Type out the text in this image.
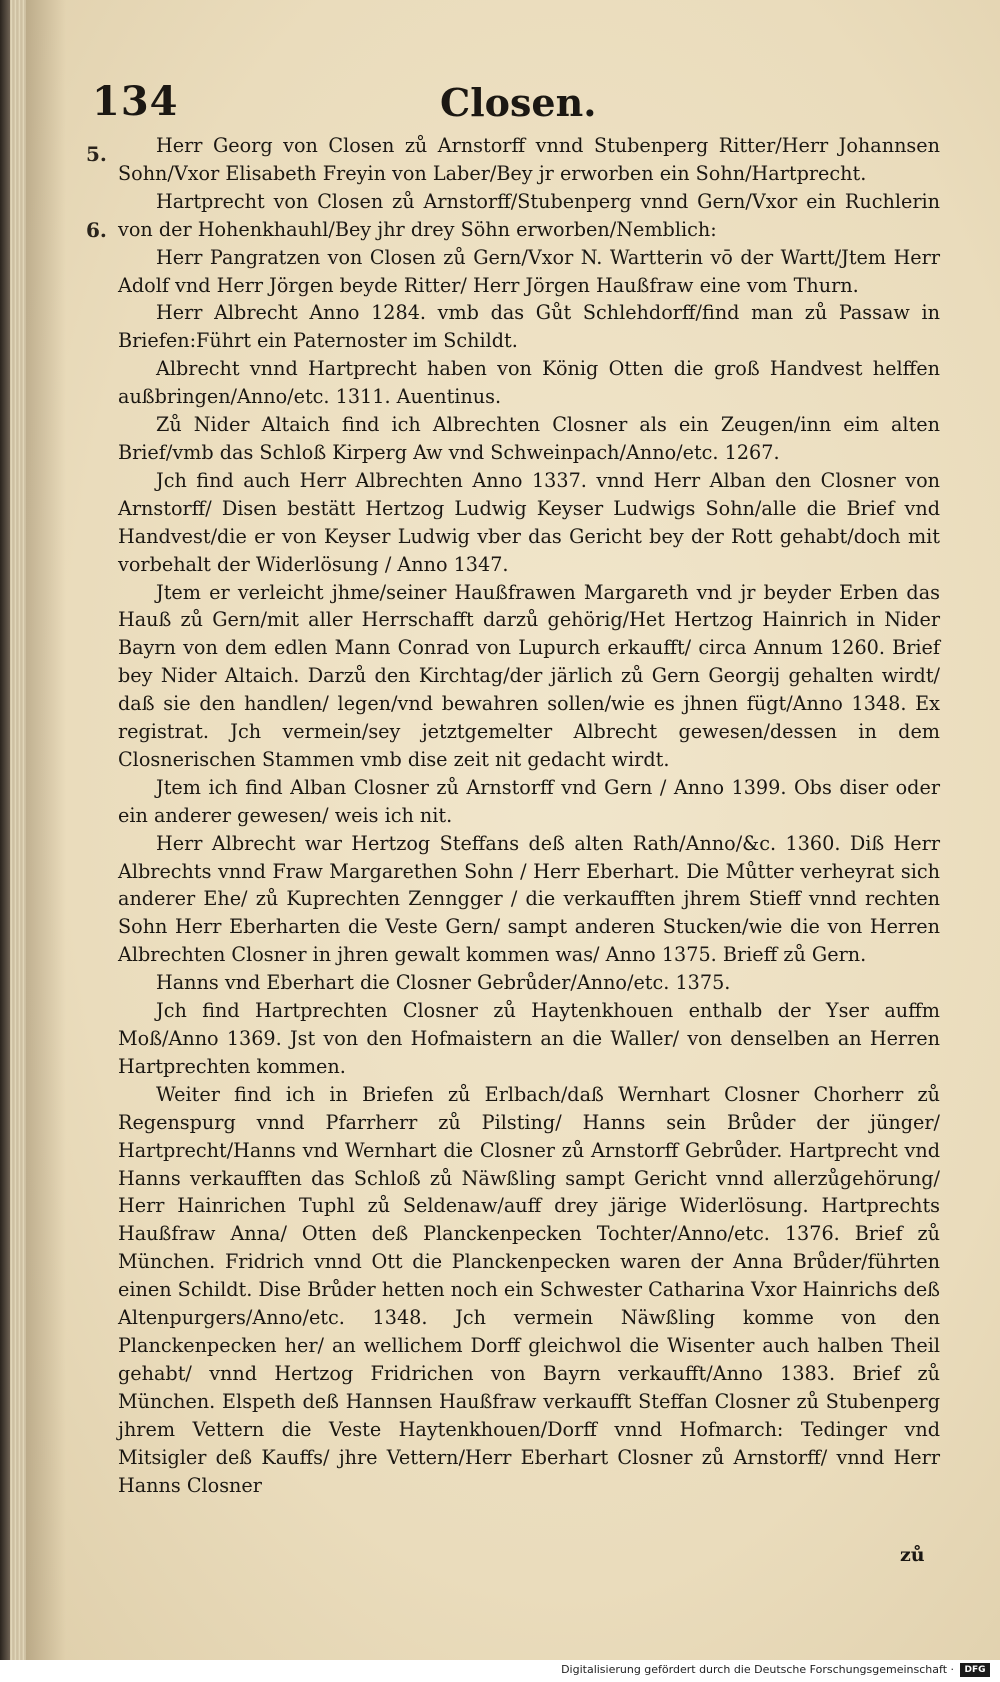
134	Closen.
5.
6.

Herr Georg von Closen zů Arnstorff vnnd Stubenperg Ritter/Herr Johannsen Sohn/Vxor Elisabeth Freyin von Laber/Bey jr erworben ein Sohn/Hartprecht.

Hartprecht von Closen zů Arnstorff/Stubenperg vnnd Gern/Vxor ein Ruchlerin von der Hohenkhauhl/Bey jhr drey Söhn erworben/Nemblich:

Herr Pangratzen von Closen zů Gern/Vxor N. Wartterin vō der Wartt/Jtem Herr Adolf vnd Herr Jörgen beyde Ritter/ Herr Jörgen Haußfraw eine vom Thurn.

Herr Albrecht Anno 1284. vmb das Gůt Schlehdorff/find man zů Passaw in Briefen:Führt ein Paternoster im Schildt.

Albrecht vnnd Hartprecht haben von König Otten die groß Handvest helffen außbringen/Anno/etc. 1311. Auentinus.

Zů Nider Altaich find ich Albrechten Closner als ein Zeugen/inn eim alten Brief/vmb das Schloß Kirperg Aw vnd Schweinpach/Anno/etc. 1267.

Jch find auch Herr Albrechten Anno 1337. vnnd Herr Alban den Closner von Arnstorff/ Disen bestätt Hertzog Ludwig Keyser Ludwigs Sohn/alle die Brief vnd Handvest/die er von Keyser Ludwig vber das Gericht bey der Rott gehabt/doch mit vorbehalt der Widerlösung / Anno 1347.

Jtem er verleicht jhme/seiner Haußfrawen Margareth vnd jr beyder Erben das Hauß zů Gern/mit aller Herrschafft darzů gehörig/Het Hertzog Hainrich in Nider Bayrn von dem edlen Mann Conrad von Lupurch erkaufft/ circa Annum 1260. Brief bey Nider Altaich. Darzů den Kirchtag/der järlich zů Gern Georgij gehalten wirdt/ daß sie den handlen/ legen/vnd bewahren sollen/wie es jhnen fügt/Anno 1348. Ex registrat. Jch vermein/sey jetztgemelter Albrecht gewesen/dessen in dem Closnerischen Stammen vmb dise zeit nit gedacht wirdt.

Jtem ich find Alban Closner zů Arnstorff vnd Gern / Anno 1399. Obs diser oder ein anderer gewesen/ weis ich nit.

Herr Albrecht war Hertzog Steffans deß alten Rath/Anno/&c. 1360. Diß Herr Albrechts vnnd Fraw Margarethen Sohn / Herr Eberhart. Die Můtter verheyrat sich anderer Ehe/ zů Kuprechten Zenngger / die verkaufften jhrem Stieff vnnd rechten Sohn Herr Eberharten die Veste Gern/ sampt anderen Stucken/wie die von Herren Albrechten Closner in jhren gewalt kommen was/ Anno 1375. Brieff zů Gern.

Hanns vnd Eberhart die Closner Gebrůder/Anno/etc. 1375.

Jch find Hartprechten Closner zů Haytenkhouen enthalb der Yser auffm Moß/Anno 1369. Jst von den Hofmaistern an die Waller/ von denselben an Herren Hartprechten kommen.

Weiter find ich in Briefen zů Erlbach/daß Wernhart Closner Chorherr zů Regenspurg vnnd Pfarrherr zů Pilsting/ Hanns sein Brůder der jünger/ Hartprecht/Hanns vnd Wernhart die Closner zů Arnstorff Gebrůder. Hartprecht vnd Hanns verkaufften das Schloß zů Näwßling sampt Gericht vnnd allerzůgehörung/ Herr Hainrichen Tuphl zů Seldenaw/auff drey järige Widerlösung. Hartprechts Haußfraw Anna/ Otten deß Planckenpecken Tochter/Anno/etc. 1376. Brief zů München. Fridrich vnnd Ott die Planckenpecken waren der Anna Brůder/führten einen Schildt. Dise Brůder hetten noch ein Schwester Catharina Vxor Hainrichs deß Altenpurgers/Anno/etc. 1348. Jch vermein Näwßling komme von den Planckenpecken her/ an wellichem Dorff gleichwol die Wisenter auch halben Theil gehabt/ vnnd Hertzog Fridrichen von Bayrn verkaufft/Anno 1383. Brief zů München. Elspeth deß Hannsen Haußfraw verkaufft Steffan Closner zů Stubenperg jhrem Vettern die Veste Haytenkhouen/Dorff vnnd Hofmarch: Tedinger vnd Mitsigler deß Kauffs/ jhre Vettern/Herr Eberhart Closner zů Arnstorff/ vnnd Herr Hanns Closner

zů
Digitalisierung gefördert durch die Deutsche Forschungsgemeinschaft ·	DFG
